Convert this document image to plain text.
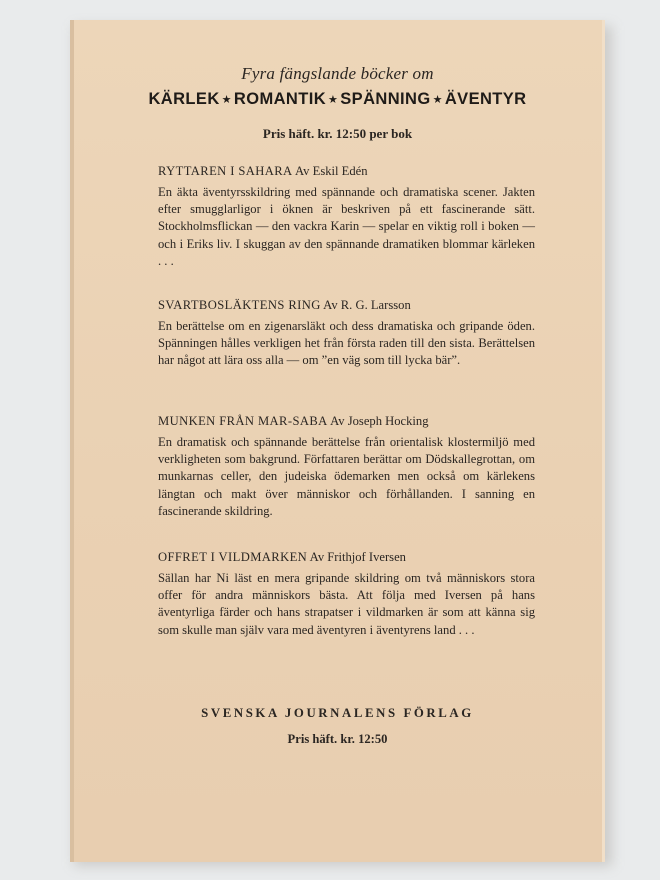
Fyra fängslande böcker om
KÄRLEK ★ ROMANTIK ★ SPÄNNING ★ ÄVENTYR
Pris häft. kr. 12:50 per bok
RYTTAREN I SAHARA Av Eskil Edén
En äkta äventyrsskildring med spännande och dramatiska scener. Jakten efter smugglarligor i öknen är beskriven på ett fascinerande sätt. Stockholmsflickan — den vackra Karin — spelar en viktig roll i boken — och i Eriks liv. I skuggan av den spännande dramatiken blommar kärleken . . .
SVARTBOSLÄKTENS RING Av R. G. Larsson
En berättelse om en zigenarsläkt och dess dramatiska och gripande öden. Spänningen hålles verkligen het från första raden till den sista. Berättelsen har något att lära oss alla — om ”en väg som till lycka bär”.
MUNKEN FRÅN MAR-SABA Av Joseph Hocking
En dramatisk och spännande berättelse från orientalisk klostermiljö med verkligheten som bakgrund. Författaren berättar om Dödskallegrottan, om munkarnas celler, den judeiska ödemarken men också om kärlekens längtan och makt över människor och förhållanden. I sanning en fascinerande skildring.
OFFRET I VILDMARKEN Av Frithjof Iversen
Sällan har Ni läst en mera gripande skildring om två människors stora offer för andra människors bästa. Att följa med Iversen på hans äventyrliga färder och hans strapatser i vildmarken är som att känna sig som skulle man själv vara med äventyren i äventyrens land . . .
SVENSKA JOURNALENS FÖRLAG
Pris häft. kr. 12:50
